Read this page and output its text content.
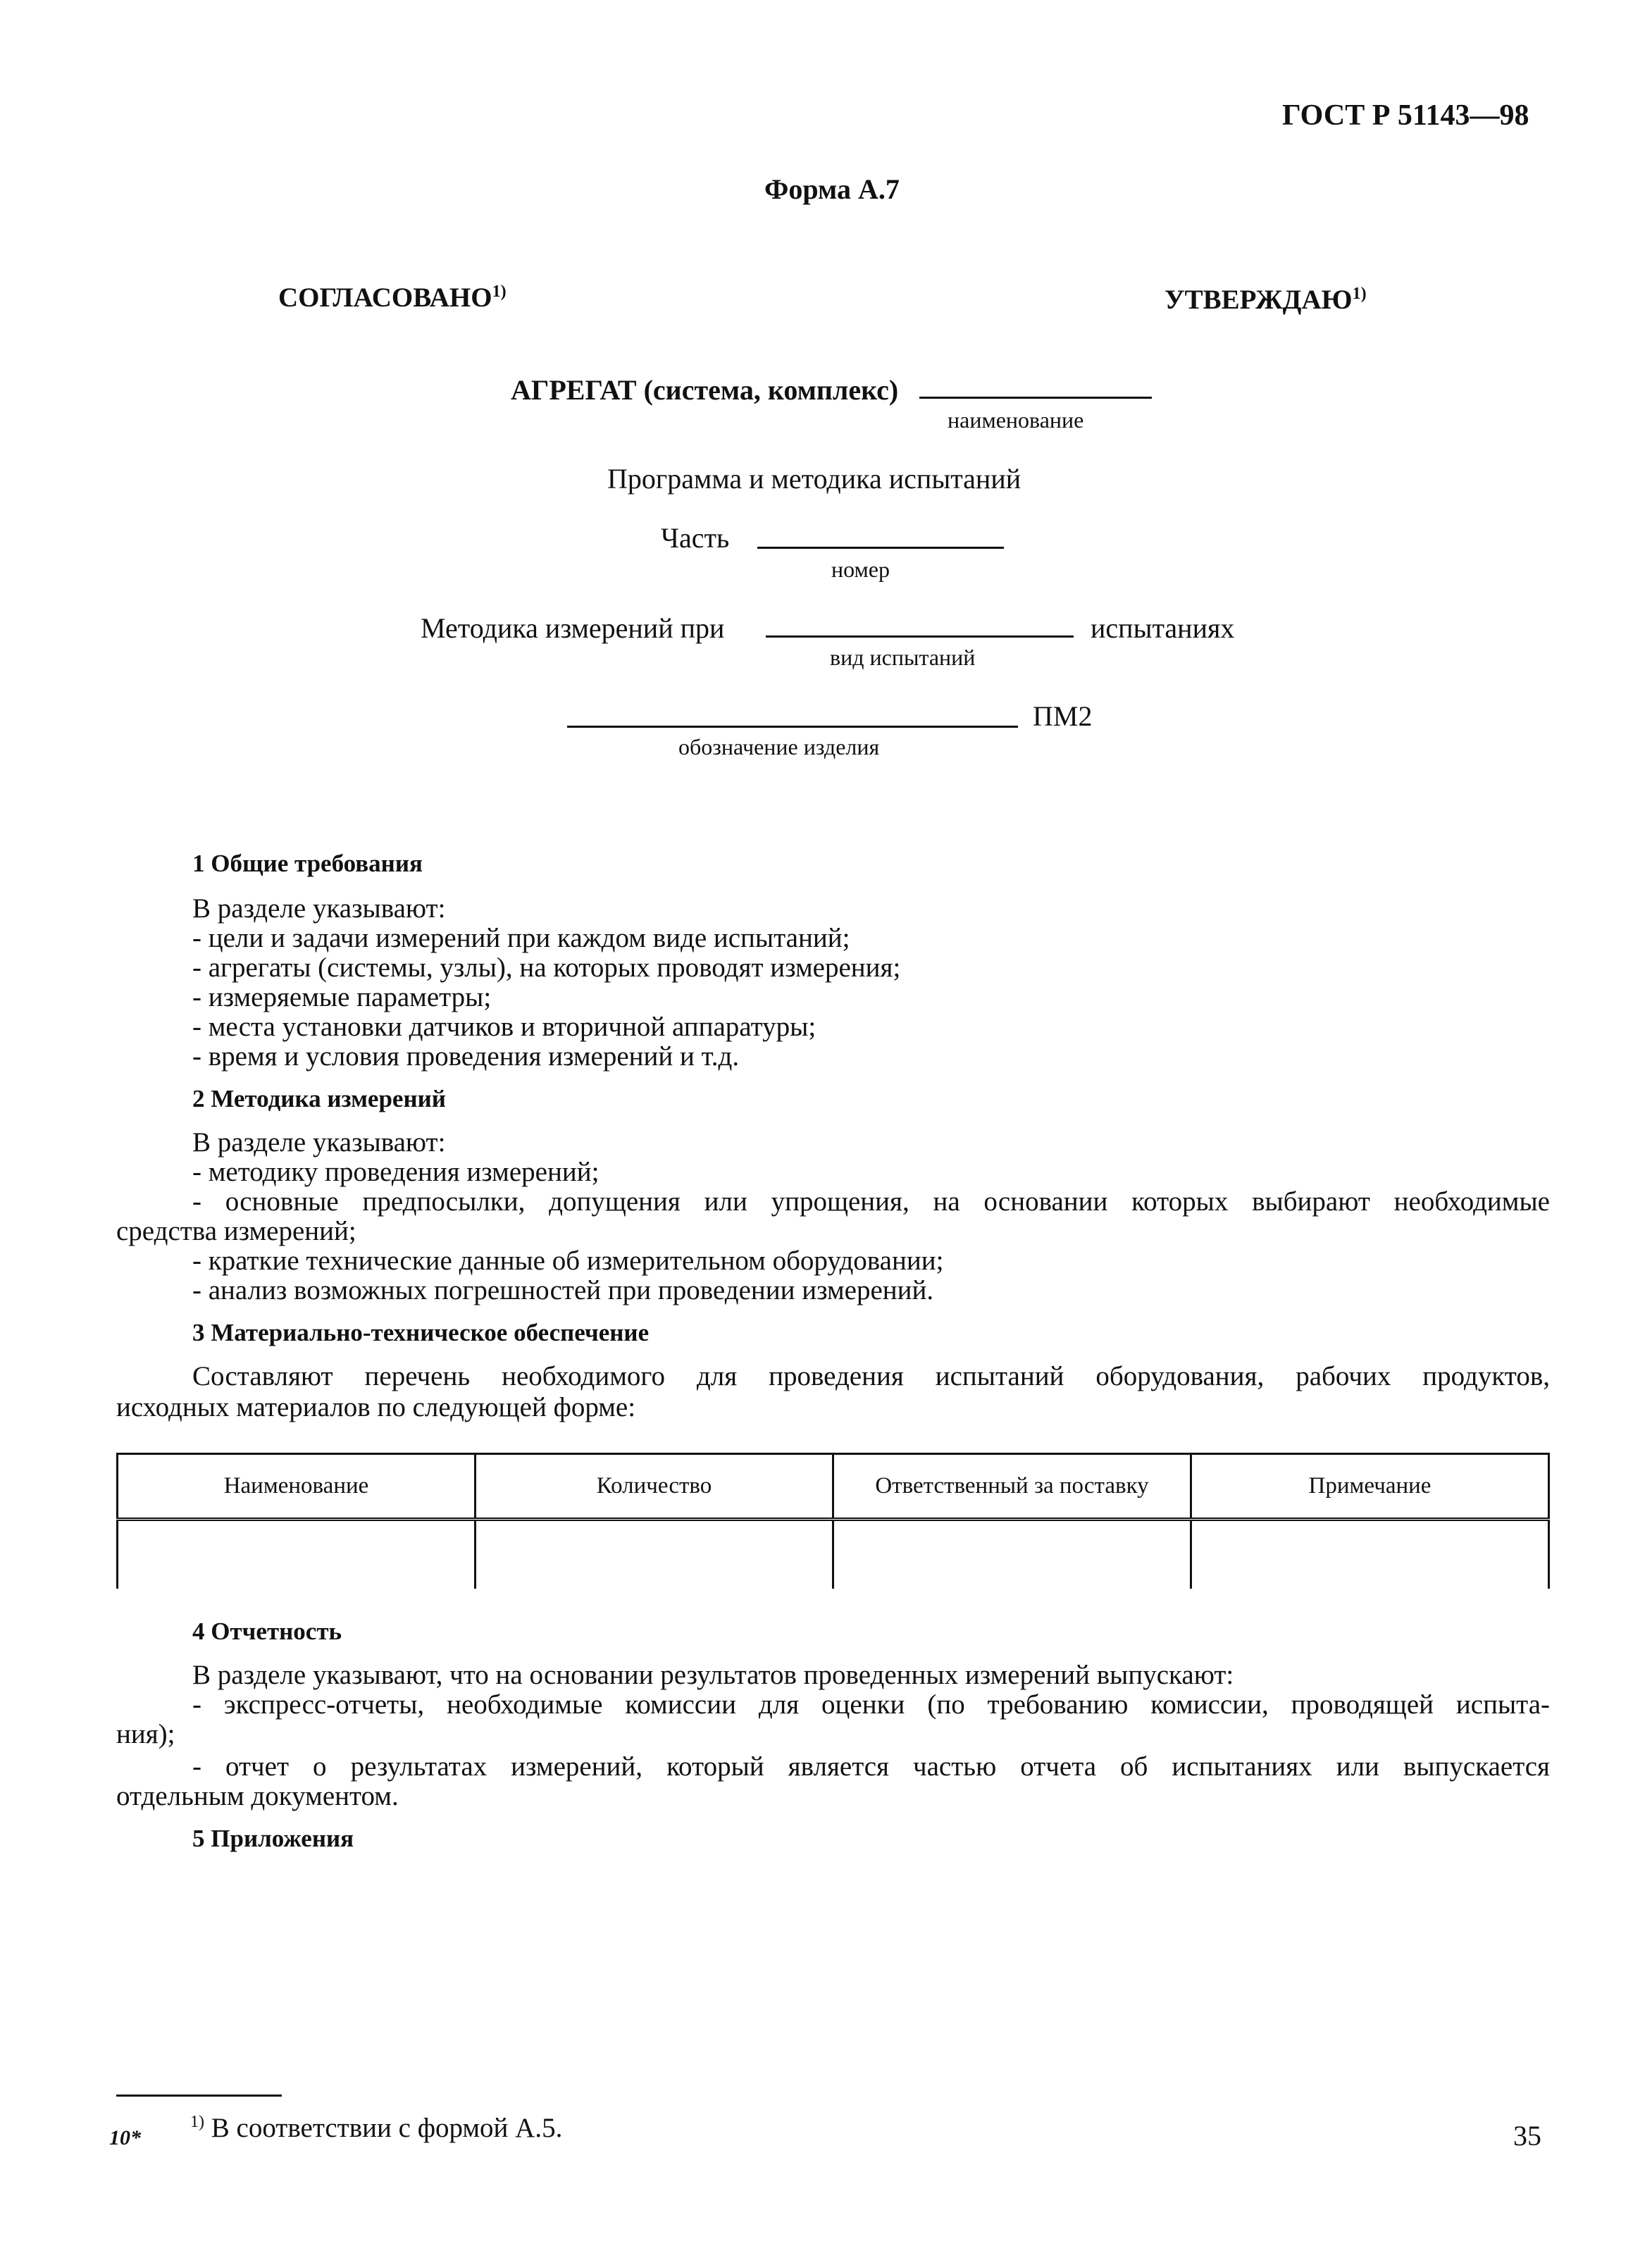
ГОСТ Р 51143—98
Форма А.7
СОГЛАСОВАНО$^{1)}$	УТВЕРЖДАЮ$^{1)}$
АГРЕГАТ (система, комплекс)
наименование
Программа и методика испытаний
Часть
номер
Методика измерений при	испытаниях
вид испытаний
ПМ2
обозначение изделия
1 Общие требования
В разделе указывают:
- цели и задачи измерений при каждом виде испытаний;
- агрегаты (системы, узлы), на которых проводят измерения;
- измеряемые параметры;
- места установки датчиков и вторичной аппаратуры;
- время и условия проведения измерений и т.д.
2 Методика измерений
В разделе указывают:
- методику проведения измерений;
- основные предпосылки, допущения или упрощения, на основании которых выбирают необходимые
средства измерений;
- краткие технические данные об измерительном оборудовании;
- анализ возможных погрешностей при проведении измерений.
3 Материально-техническое обеспечение
Составляют перечень необходимого для проведения испытаний оборудования, рабочих продуктов,
исходных материалов по следующей форме:
Наименование	Количество	Ответственный за поставку	Примечание

4 Отчетность
В разделе указывают, что на основании результатов проведенных измерений выпускают:
- экспресс-отчеты, необходимые комиссии для оценки (по требованию комиссии, проводящей испыта-
ния);
- отчет о результатах измерений, который является частью отчета об испытаниях или выпускается
отдельным документом.
5 Приложения
$^{1)}$ В соответствии с формой А.5.
10*	35
